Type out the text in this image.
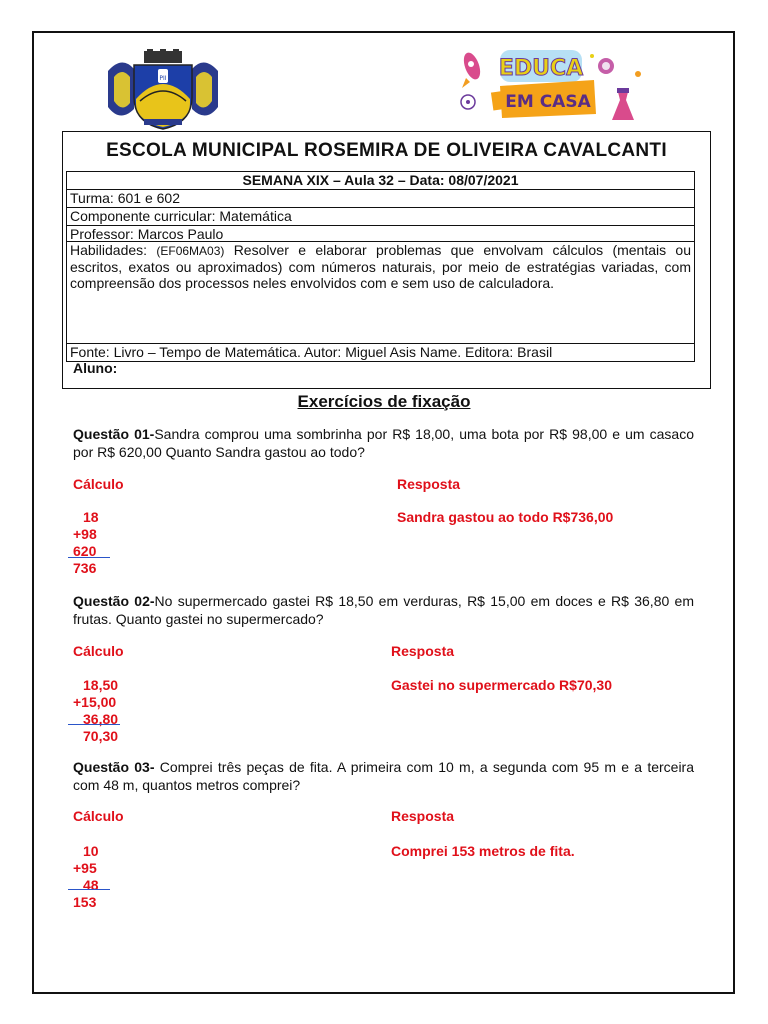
PII	EDUCA
EM CASA
ESCOLA MUNICIPAL ROSEMIRA DE OLIVEIRA CAVALCANTI
SEMANA XIX – Aula 32 – Data: 08/07/2021
Turma: 601 e 602
Componente curricular: Matemática
Professor: Marcos Paulo
Habilidades: (EF06MA03) Resolver e elaborar problemas que envolvam cálculos (mentais ou escritos, exatos ou aproximados) com números naturais, por meio de estratégias variadas, com compreensão dos processos neles envolvidos com e sem uso de calculadora.
Fonte: Livro – Tempo de Matemática. Autor: Miguel Asis Name. Editora: Brasil
Aluno:
Exercícios de fixação
Questão 01-Sandra comprou uma sombrinha por R$ 18,00, uma bota por R$ 98,00 e um casaco por R$ 620,00 Quanto Sandra gastou ao todo?
Cálculo	Resposta
18
+98
620
736
Sandra gastou ao todo R$736,00
Questão 02-No supermercado gastei R$ 18,50 em verduras, R$ 15,00 em doces e R$ 36,80 em frutas. Quanto gastei no supermercado?
Cálculo	Resposta
18,50
+15,00
36,80
70,30
Gastei no supermercado R$70,30
Questão 03- Comprei três peças de fita. A primeira com 10 m, a segunda com 95 m e a terceira com 48 m, quantos metros comprei?
Cálculo	Resposta
10
+95
48
153
Comprei 153 metros de fita.
